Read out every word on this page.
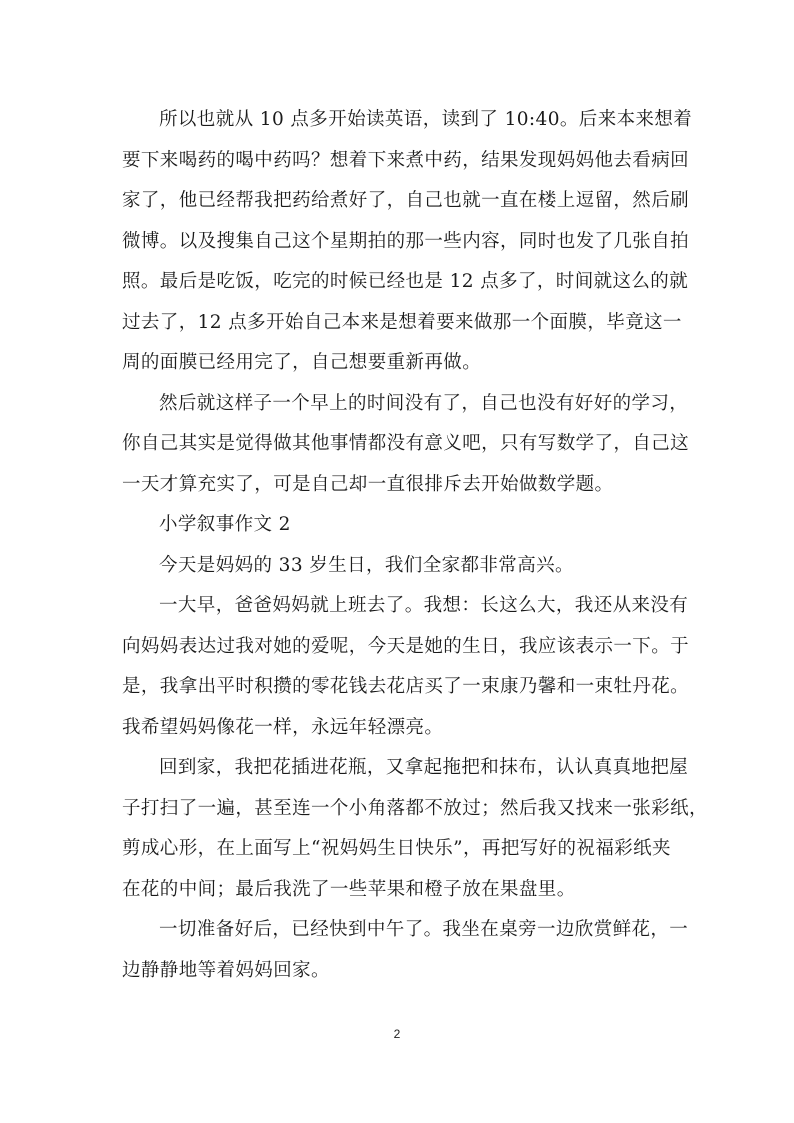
所以也就从 10 点多开始读英语，读到了 10:40。后来本来想着
要下来喝药的喝中药吗？想着下来煮中药，结果发现妈妈他去看病回
家了，他已经帮我把药给煮好了，自己也就一直在楼上逗留，然后刷
微博。以及搜集自己这个星期拍的那一些内容，同时也发了几张自拍
照。最后是吃饭，吃完的时候已经也是 12 点多了，时间就这么的就
过去了，12 点多开始自己本来是想着要来做那一个面膜，毕竟这一
周的面膜已经用完了，自己想要重新再做。

然后就这样子一个早上的时间没有了，自己也没有好好的学习，
你自己其实是觉得做其他事情都没有意义吧，只有写数学了，自己这
一天才算充实了，可是自己却一直很排斥去开始做数学题。

小学叙事作文 2

今天是妈妈的 33 岁生日，我们全家都非常高兴。

一大早，爸爸妈妈就上班去了。我想：长这么大，我还从来没有
向妈妈表达过我对她的爱呢，今天是她的生日，我应该表示一下。于
是，我拿出平时积攒的零花钱去花店买了一束康乃馨和一束牡丹花。
我希望妈妈像花一样，永远年轻漂亮。

回到家，我把花插进花瓶，又拿起拖把和抹布，认认真真地把屋
子打扫了一遍，甚至连一个小角落都不放过；然后我又找来一张彩纸，
剪成心形，在上面写上“祝妈妈生日快乐”，再把写好的祝福彩纸夹
在花的中间；最后我洗了一些苹果和橙子放在果盘里。

一切准备好后，已经快到中午了。我坐在桌旁一边欣赏鲜花，一
边静静地等着妈妈回家。

2
